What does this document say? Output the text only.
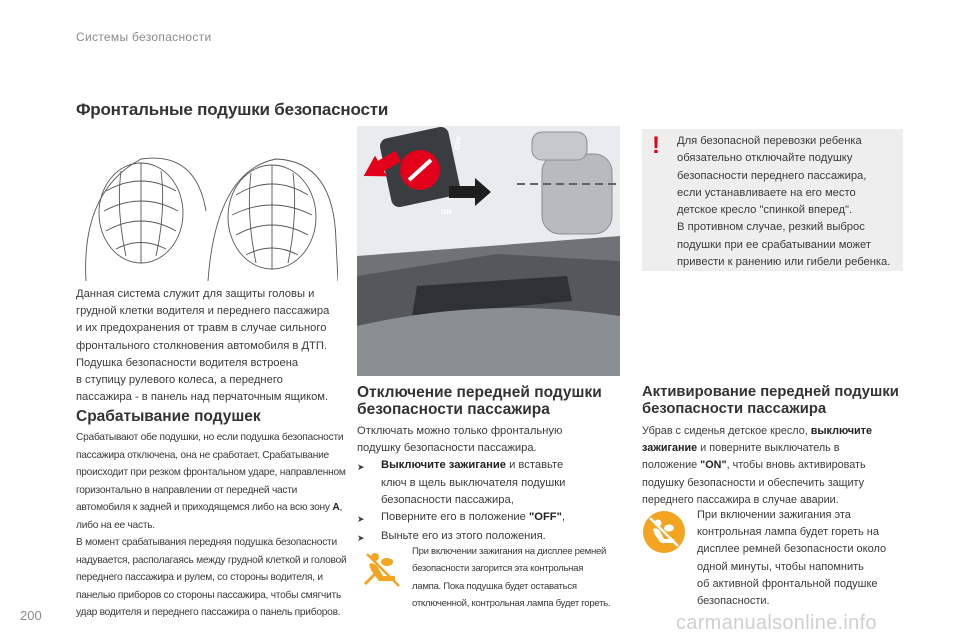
Системы безопасности
Фронтальные подушки безопасности
Данная система служит для защиты головы и
грудной клетки водителя и переднего пассажира
и их предохранения от травм в случае сильного
фронтального столкновения автомобиля в ДТП.
Подушка безопасности водителя встроена
в ступицу рулевого колеса, а переднего
пассажира - в панель над перчаточным ящиком.
Срабатывание подушек
Срабатывают обе подушки, но если подушка безопасности
пассажира отключена, она не сработает. Срабатывание
происходит при резком фронтальном ударе, направленном
горизонтально в направлении от передней части
автомобиля к задней и приходящемся либо на всю зону А,
либо на ее часть.
В момент срабатывания передняя подушка безопасности
надувается, располагаясь между грудной клеткой и головой
переднего пассажира и рулем, со стороны водителя, и
панелью приборов со стороны пассажира, чтобы смягчить
удар водителя и переднего пассажира о панель приборов.
OFF
ON
Отключение передней подушки
безопасности пассажира
Отключать можно только фронтальную
подушку безопасности пассажира.
➤	Выключите зажигание и вставьте
ключ в щель выключателя подушки
безопасности пассажира,
➤	Поверните его в положение "OFF",
➤	Выньте его из этого положения.
При включении зажигания на дисплее ремней
безопасности загорится эта контрольная
лампа. Пока подушка будет оставаться
отключенной, контрольная лампа будет гореть.
! Для безопасной перевозки ребенка
обязательно отключайте подушку
безопасности переднего пассажира,
если устанавливаете на его место
детское кресло "спинкой вперед".
В противном случае, резкий выброс
подушки при ее срабатывании может
привести к ранению или гибели ребенка.
Активирование передней подушки
безопасности пассажира
Убрав с сиденья детское кресло, выключите
зажигание и поверните выключатель в
положение "ON", чтобы вновь активировать
подушку безопасности и обеспечить защиту
переднего пассажира в случае аварии.
При включении зажигания эта
контрольная лампа будет гореть на
дисплее ремней безопасности около
одной минуты, чтобы напомнить
об активной фронтальной подушке
безопасности.
200	carmanualsonline.info
